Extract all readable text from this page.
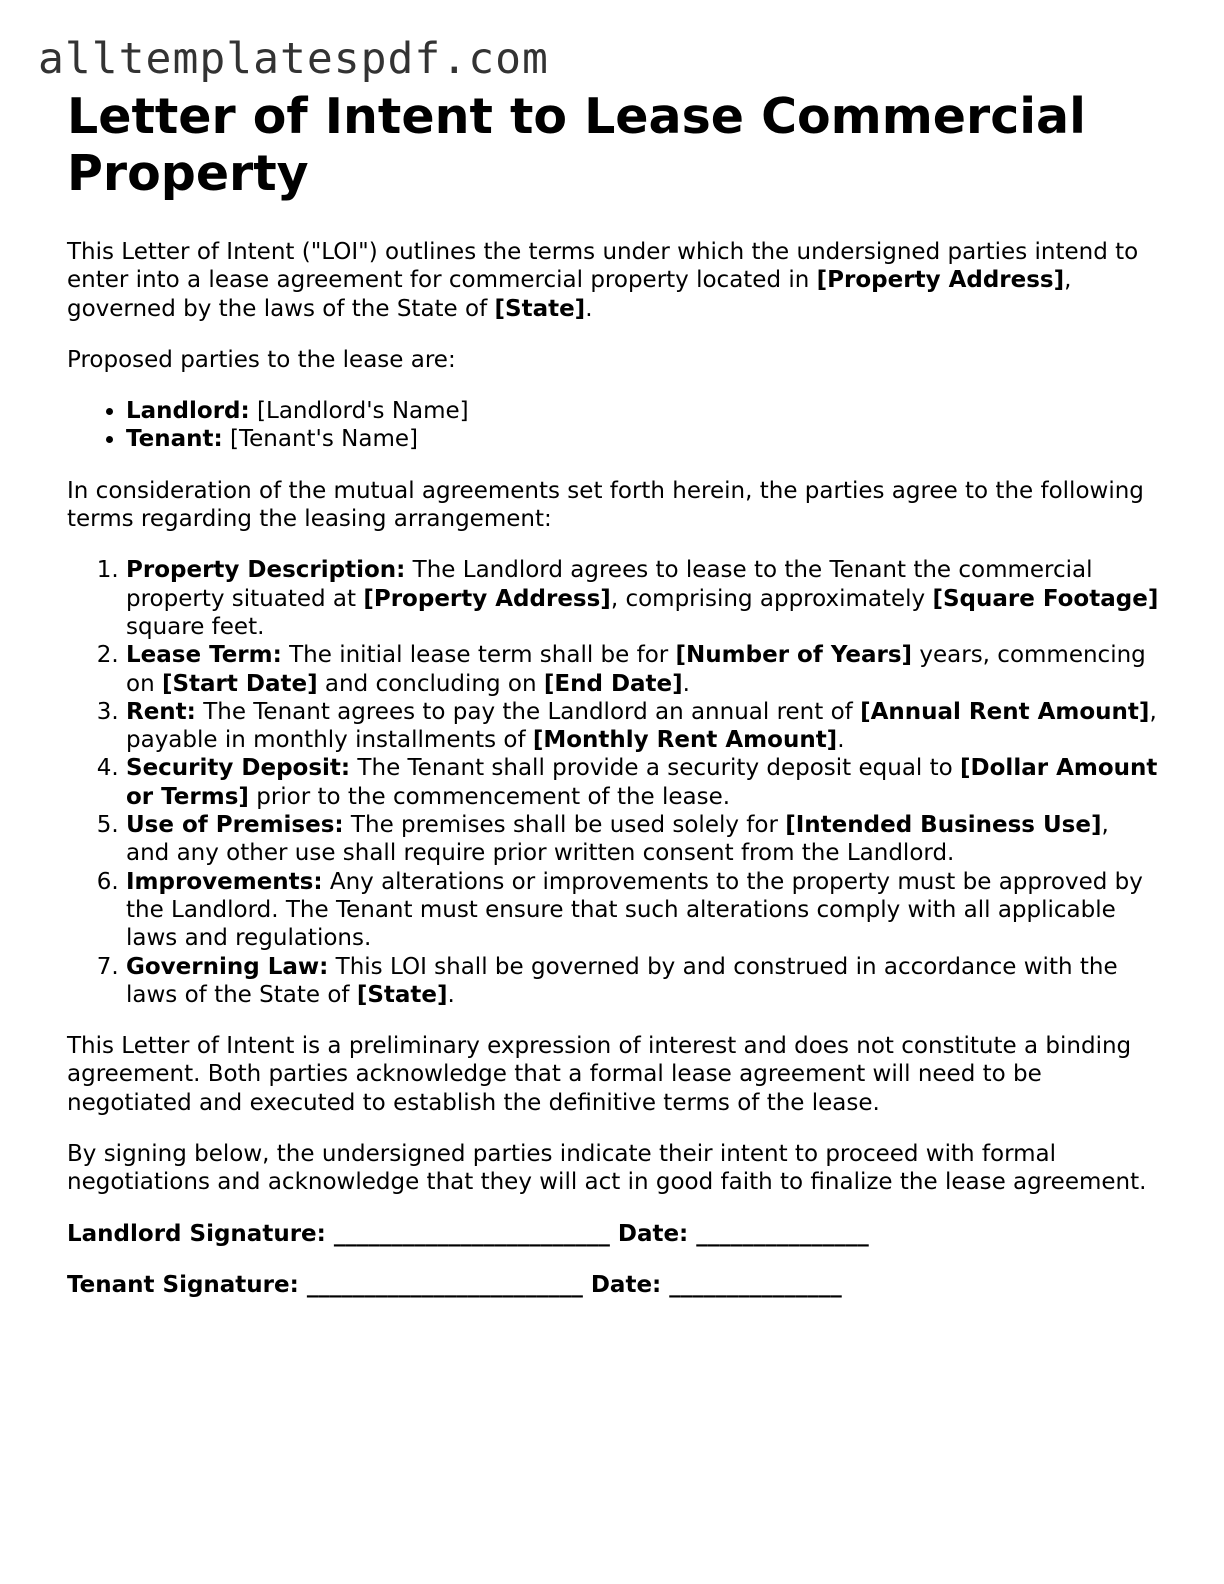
alltemplatespdf.com
Letter of Intent to Lease Commercial Property

This Letter of Intent ("LOI") outlines the terms under which the undersigned parties intend to enter into a lease agreement for commercial property located in [Property Address], governed by the laws of the State of [State].

Proposed parties to the lease are:

• Landlord: [Landlord's Name]
• Tenant: [Tenant's Name]

In consideration of the mutual agreements set forth herein, the parties agree to the following terms regarding the leasing arrangement:

1. Property Description: The Landlord agrees to lease to the Tenant the commercial property situated at [Property Address], comprising approximately [Square Footage] square feet.
2. Lease Term: The initial lease term shall be for [Number of Years] years, commencing on [Start Date] and concluding on [End Date].
3. Rent: The Tenant agrees to pay the Landlord an annual rent of [Annual Rent Amount], payable in monthly installments of [Monthly Rent Amount].
4. Security Deposit: The Tenant shall provide a security deposit equal to [Dollar Amount or Terms] prior to the commencement of the lease.
5. Use of Premises: The premises shall be used solely for [Intended Business Use], and any other use shall require prior written consent from the Landlord.
6. Improvements: Any alterations or improvements to the property must be approved by the Landlord. The Tenant must ensure that such alterations comply with all applicable laws and regulations.
7. Governing Law: This LOI shall be governed by and construed in accordance with the laws of the State of [State].

This Letter of Intent is a preliminary expression of interest and does not constitute a binding agreement. Both parties acknowledge that a formal lease agreement will need to be negotiated and executed to establish the definitive terms of the lease.

By signing below, the undersigned parties indicate their intent to proceed with formal negotiations and acknowledge that they will act in good faith to finalize the lease agreement.

Landlord Signature: ________________________ Date: _______________
Tenant Signature: ________________________ Date: _______________
